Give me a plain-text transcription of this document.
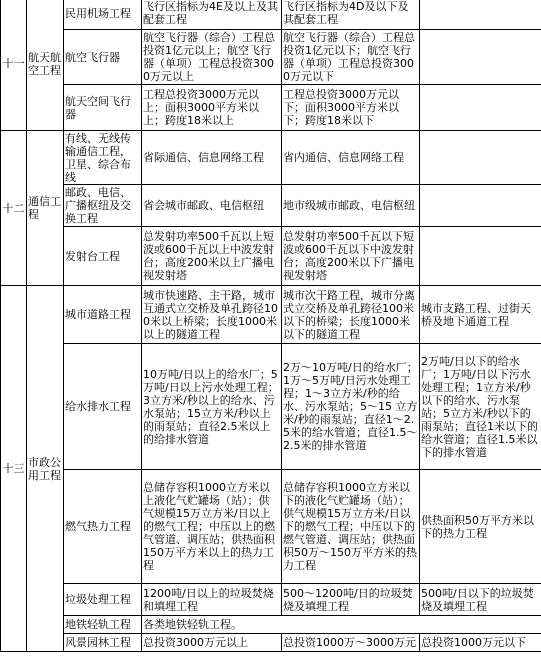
十一	航天航空工程	民用机场工程	飞行区指标为4E及以上及其配套工程	飞行区指标为4D及以下及其配套工程	
		航空飞行器	航空飞行器（综合）工程总投资1亿元以上；航空飞行器（单项）工程总投资3000万元以上	航空飞行器（综合）工程总投资1亿元以下；航空飞行器（单项）工程总投资3000万元以下	
		航天空间飞行器	工程总投资3000万元以上；面积3000平方米以上；跨度18米以上	工程总投资3000万元以下；面积3000平方米以下；跨度18米以下	
十二	通信工程	有线、无线传输通信工程，卫星、综合布线	省际通信、信息网络工程	省内通信、信息网络工程	
		邮政、电信、广播枢纽及交换工程	省会城市邮政、电信枢纽	地市级城市邮政、电信枢纽	
		发射台工程	总发射功率500千瓦以上短波或600千瓦以上中波发射台；高度200米以上广播电视发射塔	总发射功率500千瓦以下短波或600千瓦以下中波发射台；高度200米以下广播电视发射塔	
十三	市政公用工程	城市道路工程	城市快速路、主干路，城市互通式立交桥及单孔跨径100米以上桥梁；长度1000米以上的隧道工程	城市次干路工程，城市分离式立交桥及单孔跨径100米以下的桥梁；长度1000米以下的隧道工程	城市支路工程、过街天桥及地下通道工程
		给水排水工程	10万吨/日以上的给水厂；5万吨/日以上污水处理工程；3立方米/秒以上的给水、污水泵站；15立方米/秒以上的雨泵站；直径2.5米以上的给排水管道	2万～10万吨/日的给水厂；1万～5万吨/日污水处理工程；1～3立方米/秒的给水、污水泵站；5～15 立方米/秒的雨泵站；直径1～2.5米的给水管道；直径1.5～2.5米的排水管道	2万吨/日以下的给水厂；1万吨/日以下污水处理工程；1立方米/秒以下的给水、污水泵站；5立方米/秒以下的雨泵站；直径1米以下的给水管道；直径1.5米以下的排水管道
		燃气热力工程	总储存容积1000立方米以上液化气贮罐场（站）；供气规模15万立方米/日以上的燃气工程；中压以上的燃气管道、调压站；供热面积150万平方米以上的热力工程	总储存容积1000立方米以下的液化气贮罐场（站）；供气规模15万立方米/日以下的燃气工程；中压以下的燃气管道、调压站；供热面积50万～150万平方米的热力工程	供热面积50万平方米以下的热力工程
		垃圾处理工程	1200吨/日以上的垃圾焚烧和填埋工程	500～1200吨/日的垃圾焚烧及填埋工程	500吨/日以下的垃圾焚烧及填埋工程
		地铁轻轨工程	各类地铁轻轨工程。		
		风景园林工程	总投资3000万元以上	总投资1000万～3000万元	总投资1000万元以下
